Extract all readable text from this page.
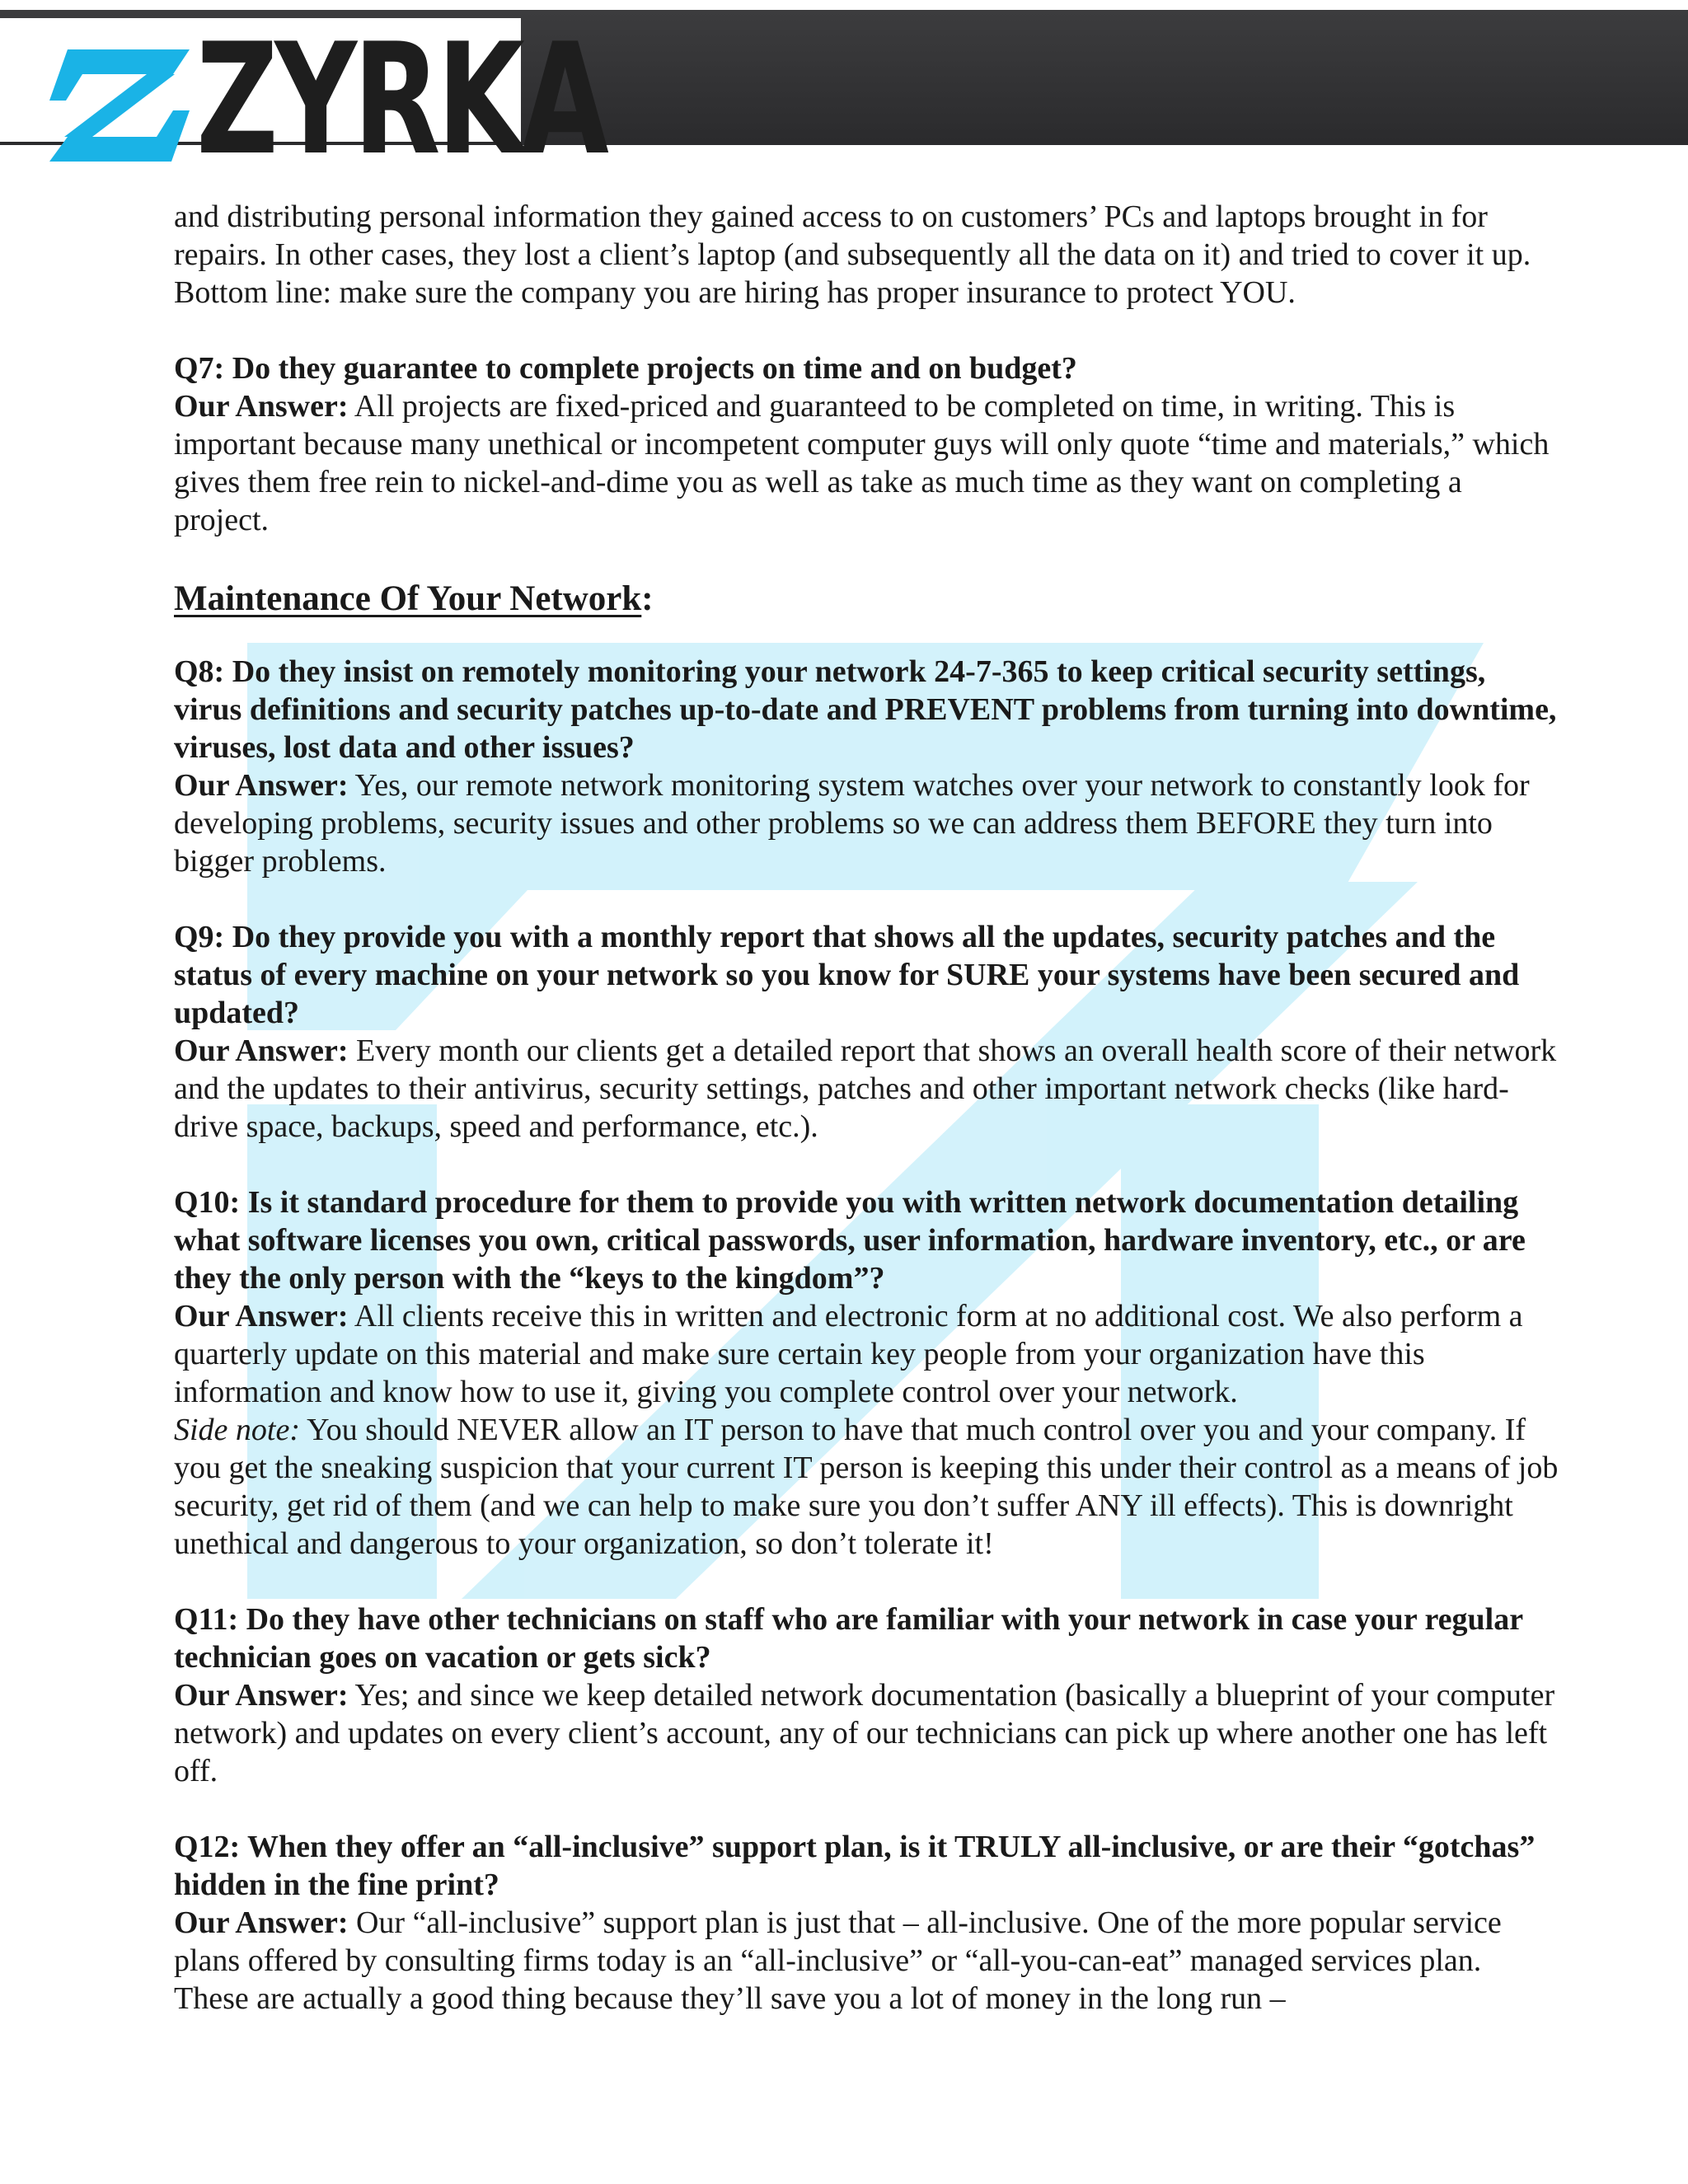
ZYRKA

and distributing personal information they gained access to on customers’ PCs and laptops brought in for repairs. In other cases, they lost a client’s laptop (and subsequently all the data on it) and tried to cover it up. Bottom line: make sure the company you are hiring has proper insurance to protect YOU.

Q7: Do they guarantee to complete projects on time and on budget?

Our Answer: All projects are fixed-priced and guaranteed to be completed on time, in writing. This is important because many unethical or incompetent computer guys will only quote “time and materials,” which gives them free rein to nickel-and-dime you as well as take as much time as they want on completing a project.

Maintenance Of Your Network:

Q8: Do they insist on remotely monitoring your network 24-7-365 to keep critical security settings, virus definitions and security patches up-to-date and PREVENT problems from turning into downtime, viruses, lost data and other issues?

Our Answer: Yes, our remote network monitoring system watches over your network to constantly look for developing problems, security issues and other problems so we can address them BEFORE they turn into bigger problems.

Q9: Do they provide you with a monthly report that shows all the updates, security patches and the status of every machine on your network so you know for SURE your systems have been secured and updated?

Our Answer: Every month our clients get a detailed report that shows an overall health score of their network and the updates to their antivirus, security settings, patches and other important network checks (like hard-drive space, backups, speed and performance, etc.).

Q10: Is it standard procedure for them to provide you with written network documentation detailing what software licenses you own, critical passwords, user information, hardware inventory, etc., or are they the only person with the “keys to the kingdom”?

Our Answer: All clients receive this in written and electronic form at no additional cost. We also perform a quarterly update on this material and make sure certain key people from your organization have this information and know how to use it, giving you complete control over your network.

Side note: You should NEVER allow an IT person to have that much control over you and your company. If you get the sneaking suspicion that your current IT person is keeping this under their control as a means of job security, get rid of them (and we can help to make sure you don’t suffer ANY ill effects). This is downright unethical and dangerous to your organization, so don’t tolerate it!

Q11: Do they have other technicians on staff who are familiar with your network in case your regular technician goes on vacation or gets sick?

Our Answer: Yes; and since we keep detailed network documentation (basically a blueprint of your computer network) and updates on every client’s account, any of our technicians can pick up where another one has left off.

Q12: When they offer an “all-inclusive” support plan, is it TRULY all-inclusive, or are their “gotchas” hidden in the fine print?

Our Answer: Our “all-inclusive” support plan is just that – all-inclusive. One of the more popular service plans offered by consulting firms today is an “all-inclusive” or “all-you-can-eat” managed services plan. These are actually a good thing because they’ll save you a lot of money in the long run –
